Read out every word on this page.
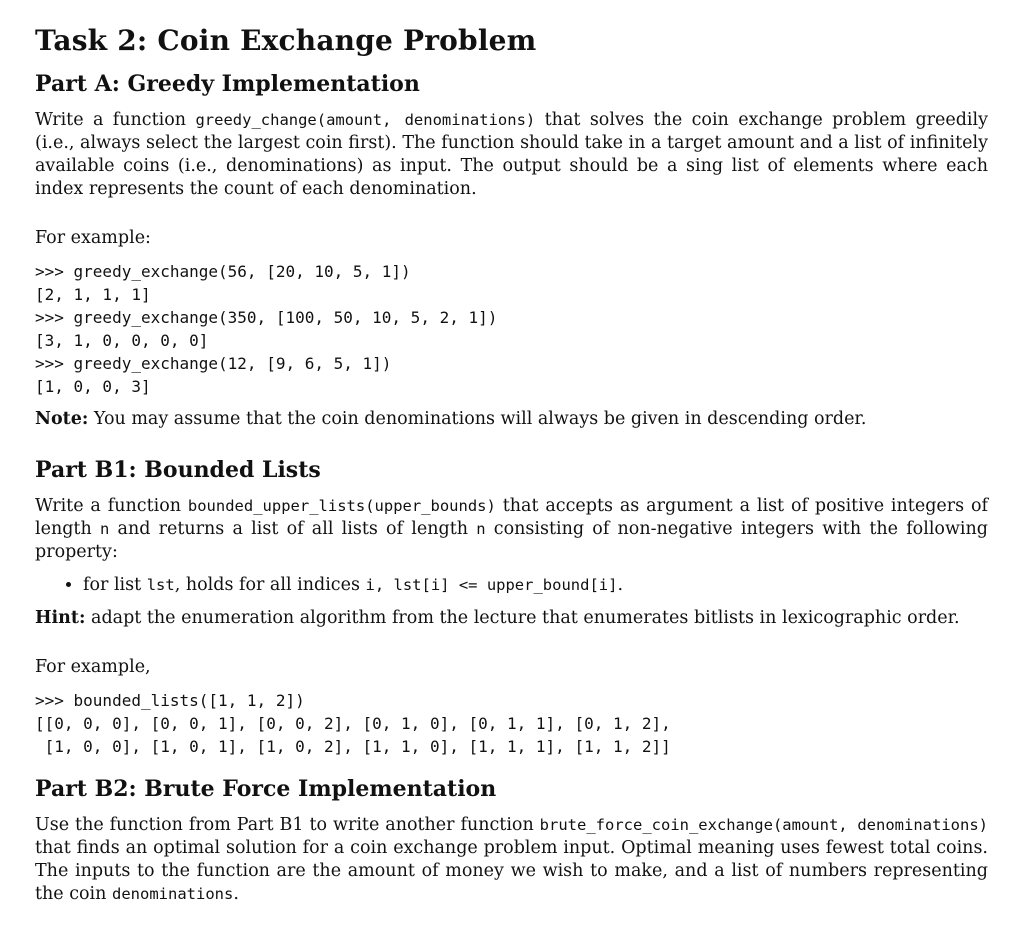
Task 2: Coin Exchange Problem
Part A: Greedy Implementation

Write a function greedy_change(amount, denominations) that solves the coin exchange problem greedily (i.e., always select the largest coin first). The function should take in a target amount and a list of infinitely available coins (i.e., denominations) as input. The output should be a sing list of elements where each index represents the count of each denomination.

For example:

>>> greedy_exchange(56, [20, 10, 5, 1])
[2, 1, 1, 1]
>>> greedy_exchange(350, [100, 50, 10, 5, 2, 1])
[3, 1, 0, 0, 0, 0]
>>> greedy_exchange(12, [9, 6, 5, 1])
[1, 0, 0, 3]

Note: You may assume that the coin denominations will always be given in descending order.

Part B1: Bounded Lists

Write a function bounded_upper_lists(upper_bounds) that accepts as argument a list of positive integers of length n and returns a list of all lists of length n consisting of non-negative integers with the following property:

• for list lst, holds for all indices i, lst[i] <= upper_bound[i].

Hint: adapt the enumeration algorithm from the lecture that enumerates bitlists in lexicographic order.

For example,

>>> bounded_lists([1, 1, 2])
[[0, 0, 0], [0, 0, 1], [0, 0, 2], [0, 1, 0], [0, 1, 1], [0, 1, 2],
[1, 0, 0], [1, 0, 1], [1, 0, 2], [1, 1, 0], [1, 1, 1], [1, 1, 2]]
Part B2: Brute Force Implementation

Use the function from Part B1 to write another function brute_force_coin_exchange(amount, denominations) that finds an optimal solution for a coin exchange problem input. Optimal meaning uses fewest total coins. The inputs to the function are the amount of money we wish to make, and a list of numbers representing the coin denominations.
